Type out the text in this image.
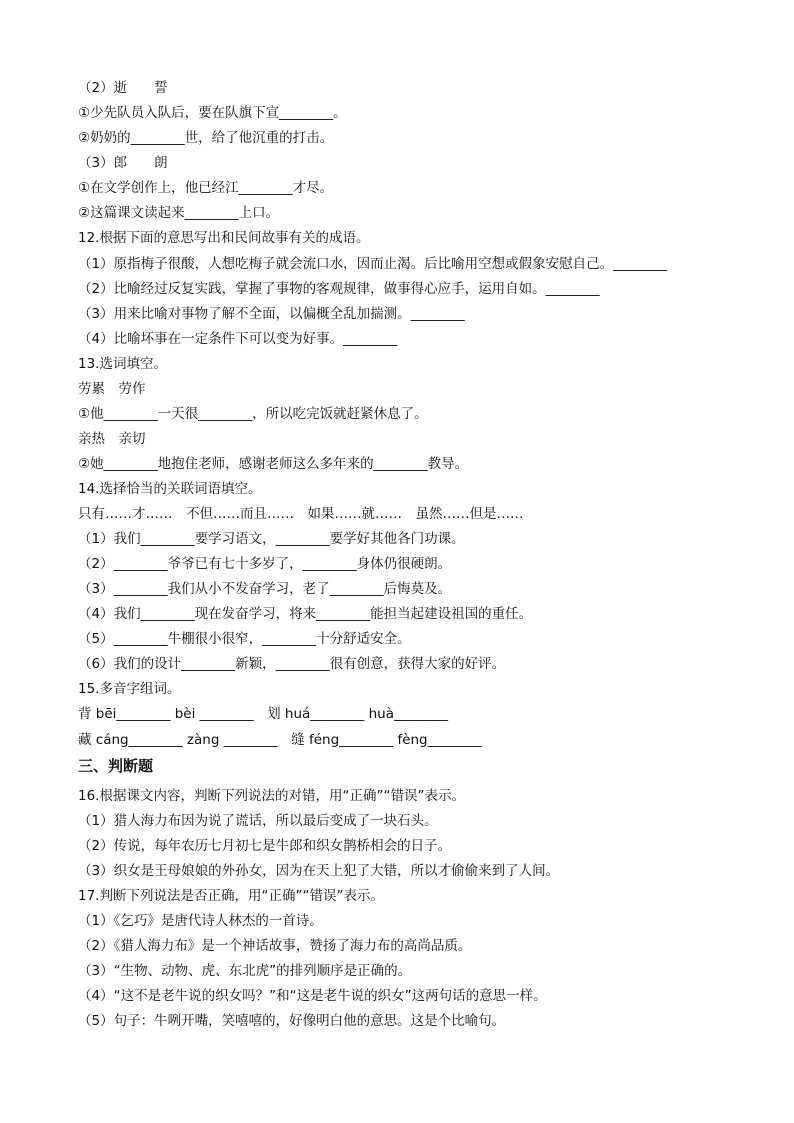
（2）逝　　誓
①少先队员入队后，要在队旗下宣________。
②奶奶的________世，给了他沉重的打击。
（3）郎　　朗
①在文学创作上，他已经江________才尽。
②这篇课文读起来________上口。
12.根据下面的意思写出和民间故事有关的成语。
（1）原指梅子很酸，人想吃梅子就会流口水，因而止渴。后比喻用空想或假象安慰自己。________
（2）比喻经过反复实践，掌握了事物的客观规律，做事得心应手，运用自如。________
（3）用来比喻对事物了解不全面，以偏概全乱加揣测。________
（4）比喻坏事在一定条件下可以变为好事。________
13.选词填空。
劳累　劳作
①他________一天很________，所以吃完饭就赶紧休息了。
亲热　亲切
②她________地抱住老师，感谢老师这么多年来的________教导。
14.选择恰当的关联词语填空。
只有……才……　不但……而且……　如果……就……　虽然……但是……
（1）我们________要学习语文，________要学好其他各门功课。
（2）________爷爷已有七十多岁了，________身体仍很硬朗。
（3）________我们从小不发奋学习，老了________后悔莫及。
（4）我们________现在发奋学习，将来________能担当起建设祖国的重任。
（5）________牛棚很小很窄，________十分舒适安全。
（6）我们的设计________新颖，________很有创意，获得大家的好评。
15.多音字组词。
背 bēi________ bèi ________　划 huá________ huà________
藏 cáng________ zàng ________　缝 féng________ fèng________
三、判断题
16.根据课文内容，判断下列说法的对错，用“正确”“错误”表示。
（1）猎人海力布因为说了谎话，所以最后变成了一块石头。
（2）传说，每年农历七月初七是牛郎和织女鹊桥相会的日子。
（3）织女是王母娘娘的外孙女，因为在天上犯了大错，所以才偷偷来到了人间。
17.判断下列说法是否正确，用“正确”“错误”表示。
（1）《乞巧》是唐代诗人林杰的一首诗。
（2）《猎人海力布》是一个神话故事，赞扬了海力布的高尚品质。
（3）“生物、动物、虎、东北虎”的排列顺序是正确的。
（4）“这不是老牛说的织女吗？”和“这是老牛说的织女”这两句话的意思一样。
（5）句子：牛咧开嘴，笑嘻嘻的，好像明白他的意思。这是个比喻句。
